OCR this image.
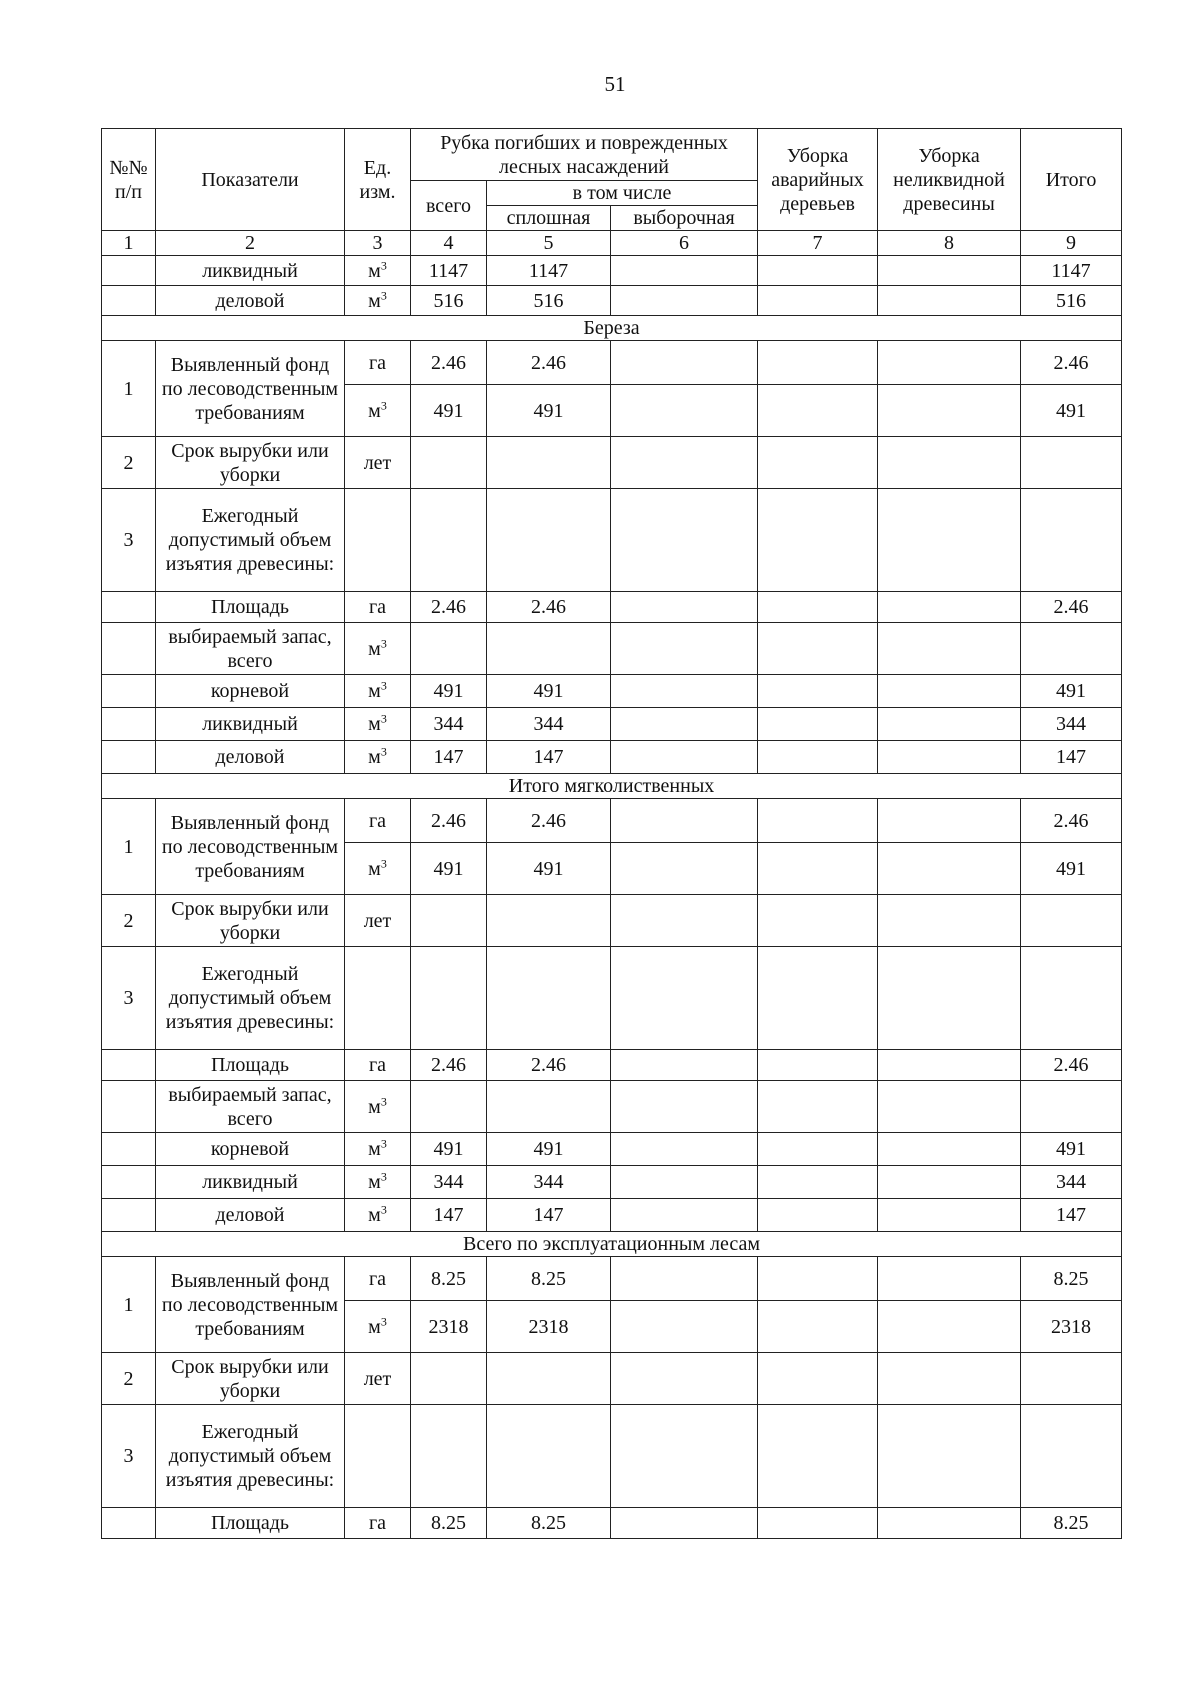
51
№№ п/п	Показатели	Ед. изм.	Рубка погибших и поврежденных лесных насаждений			Уборка аварийных деревьев	Уборка неликвидной древесины	Итого
			всего	в том числе				
				сплошная	выборочная			
1	2	3	4	5	6	7	8	9
	ликвидный	$м^3$	1147	1147				1147
	деловой	$м^3$	516	516				516
Береза								
1	Выявленный фонд по лесоводственным требованиям	га	2.46	2.46				2.46
		$м^3$	491	491				491
2	Срок вырубки или уборки	лет						
3	Ежегодный допустимый объем изъятия древесины:							
	Площадь	га	2.46	2.46				2.46
	выбираемый запас, всего	$м^3$						
	корневой	$м^3$	491	491				491
	ликвидный	$м^3$	344	344				344
	деловой	$м^3$	147	147				147
Итого мягколиственных								
1	Выявленный фонд по лесоводственным требованиям	га	2.46	2.46				2.46
		$м^3$	491	491				491
2	Срок вырубки или уборки	лет						
3	Ежегодный допустимый объем изъятия древесины:							
	Площадь	га	2.46	2.46				2.46
	выбираемый запас, всего	$м^3$						
	корневой	$м^3$	491	491				491
	ликвидный	$м^3$	344	344				344
	деловой	$м^3$	147	147				147
Всего по эксплуатационным лесам								
1	Выявленный фонд по лесоводственным требованиям	га	8.25	8.25				8.25
		$м^3$	2318	2318				2318
2	Срок вырубки или уборки	лет						
3	Ежегодный допустимый объем изъятия древесины:							
	Площадь	га	8.25	8.25				8.25
